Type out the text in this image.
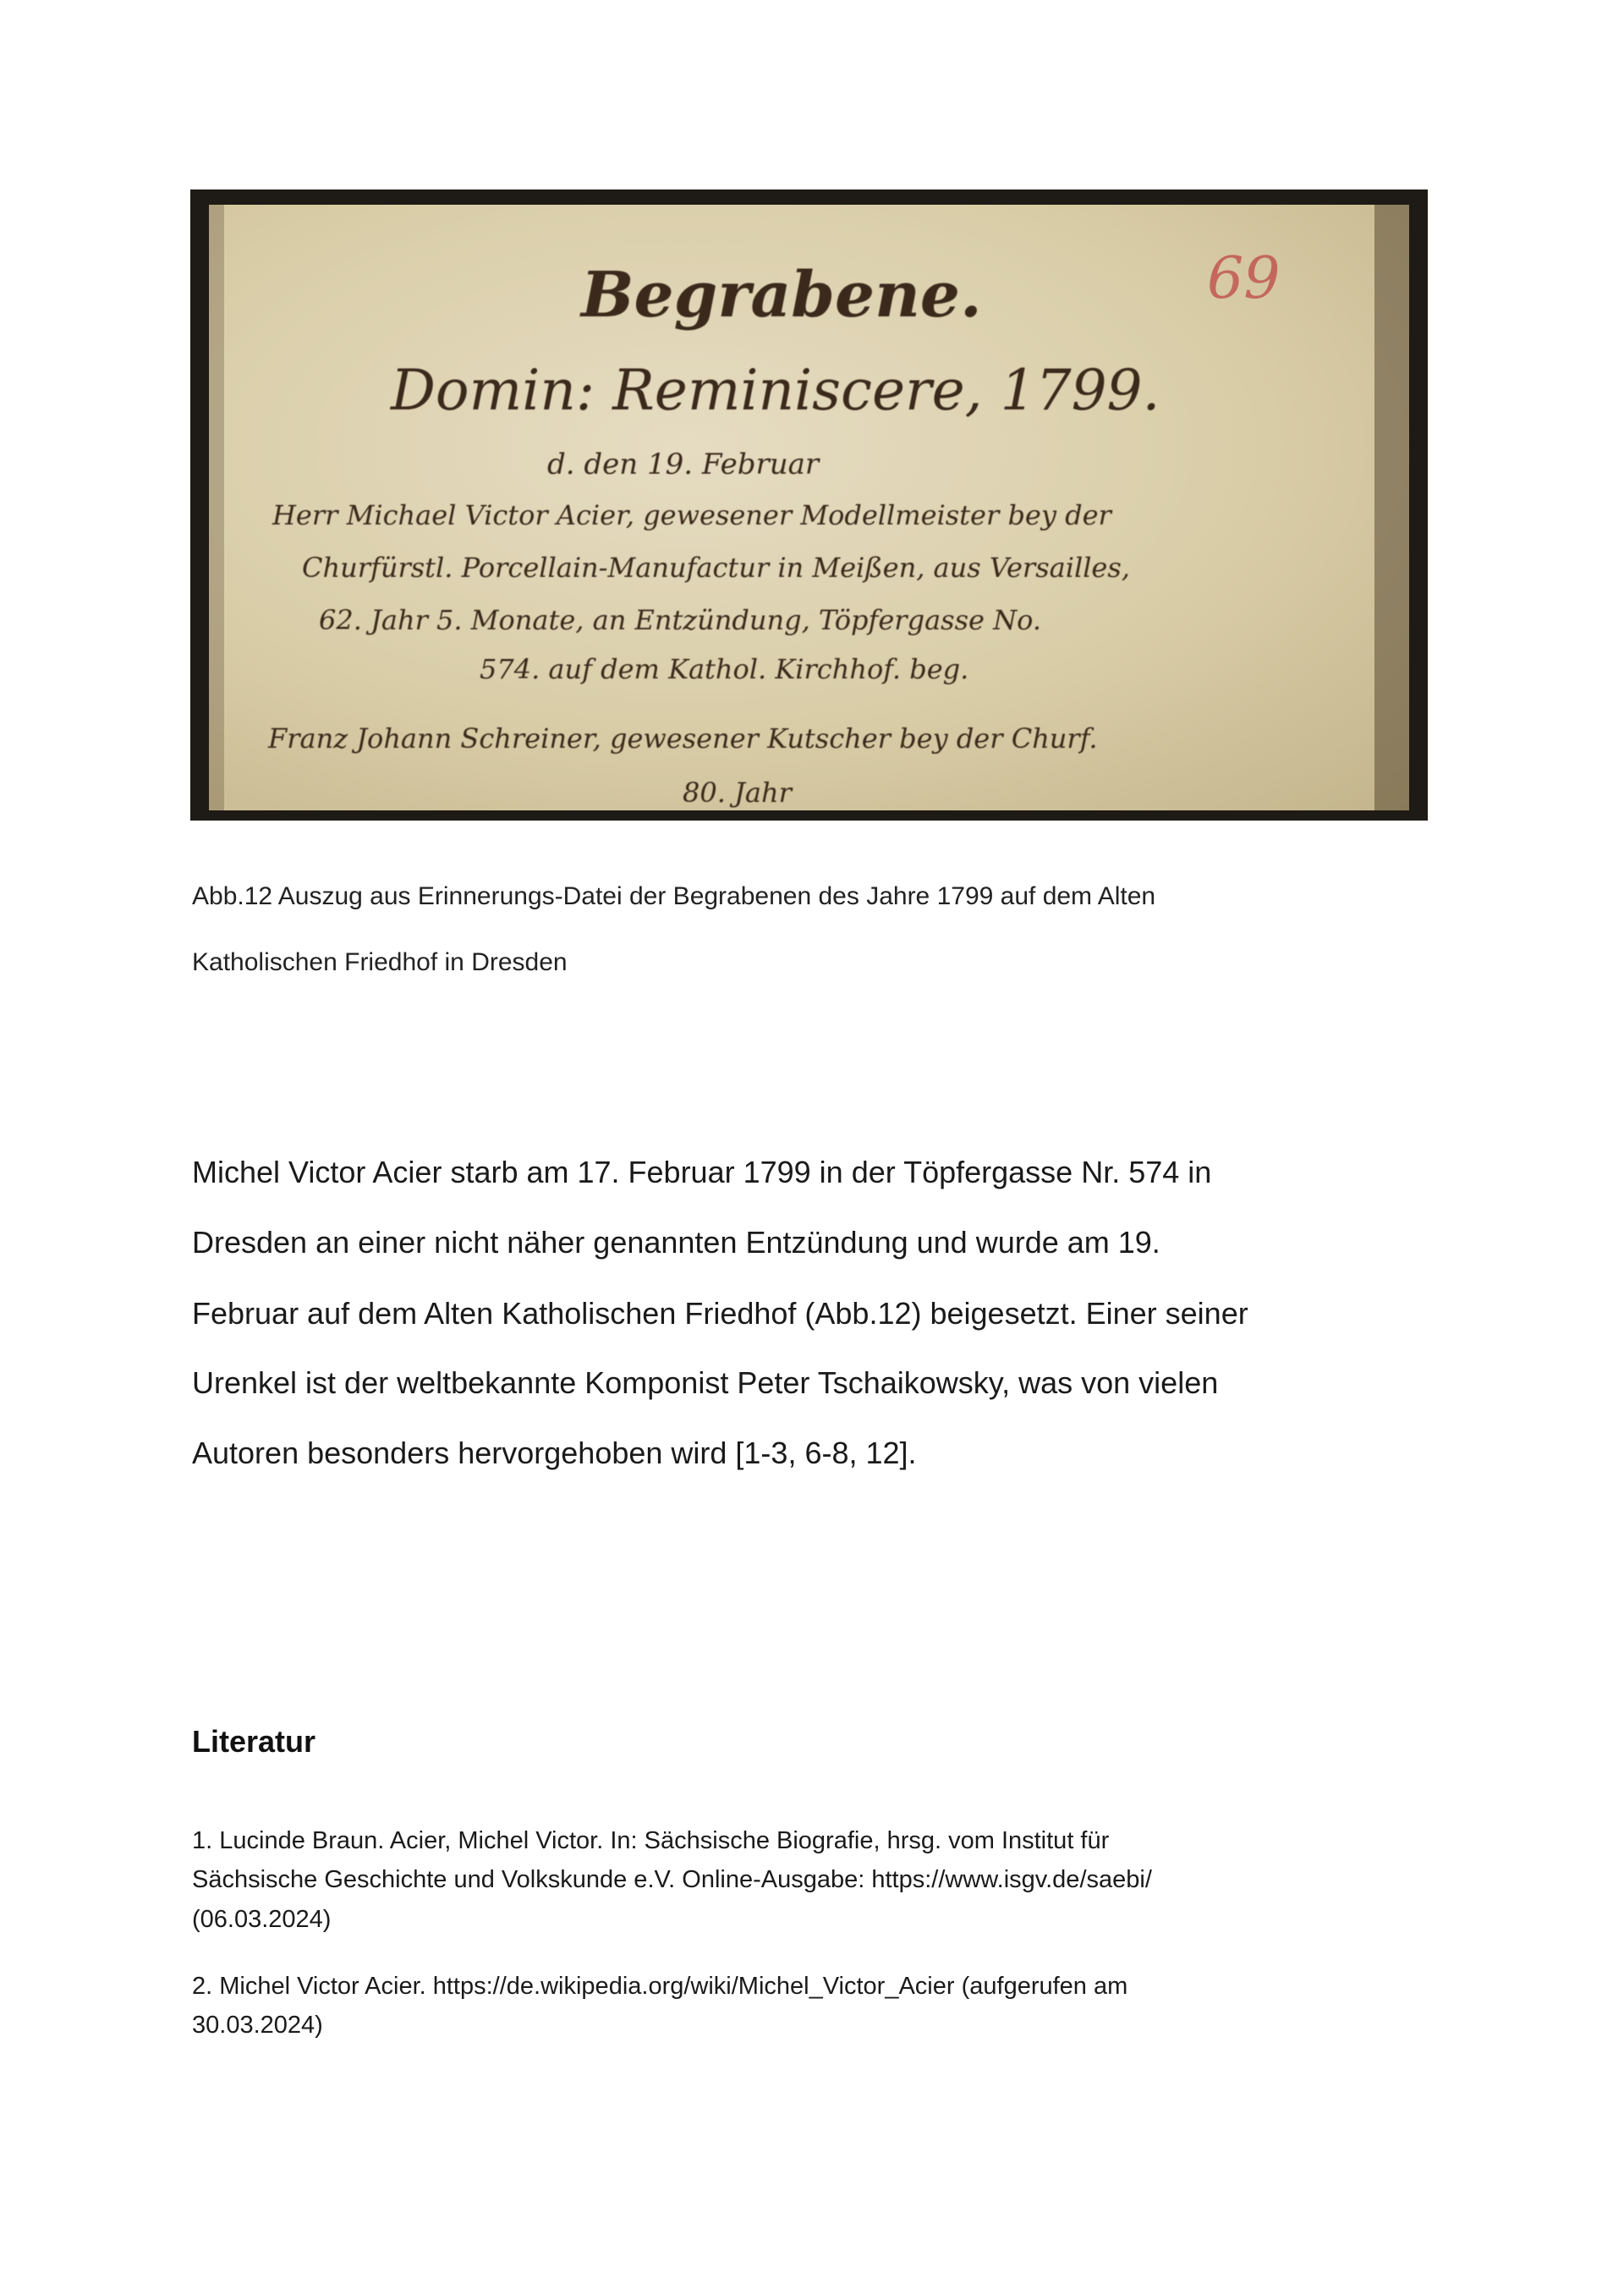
Begrabene.
Domin: Reminiscere, 1799.
d. den 19. Februar
Herr Michael Victor Acier, gewesener Modellmeister bey der
Churfürstl. Porcellain-Manufactur in Meißen, aus Versailles,
62. Jahr 5. Monate, an Entzündung, Töpfergasse No.
574. auf dem Kathol. Kirchhof. beg.
Franz Johann Schreiner, gewesener Kutscher bey der Churf.
80. Jahr
69
Abb.12 Auszug aus Erinnerungs-Datei der Begrabenen des Jahre 1799 auf dem Alten
Katholischen Friedhof in Dresden
Michel Victor Acier starb am 17. Februar 1799 in der Töpfergasse Nr. 574 in
Dresden an einer nicht näher genannten Entzündung und wurde am 19.
Februar auf dem Alten Katholischen Friedhof (Abb.12) beigesetzt. Einer seiner
Urenkel ist der weltbekannte Komponist Peter Tschaikowsky, was von vielen
Autoren besonders hervorgehoben wird [1-3, 6-8, 12].
Literatur
1. Lucinde Braun. Acier, Michel Victor. In: Sächsische Biografie, hrsg. vom Institut für
Sächsische Geschichte und Volkskunde e.V. Online-Ausgabe: https://www.isgv.de/saebi/
(06.03.2024)
2. Michel Victor Acier. https://de.wikipedia.org/wiki/Michel_Victor_Acier (aufgerufen am
30.03.2024)
